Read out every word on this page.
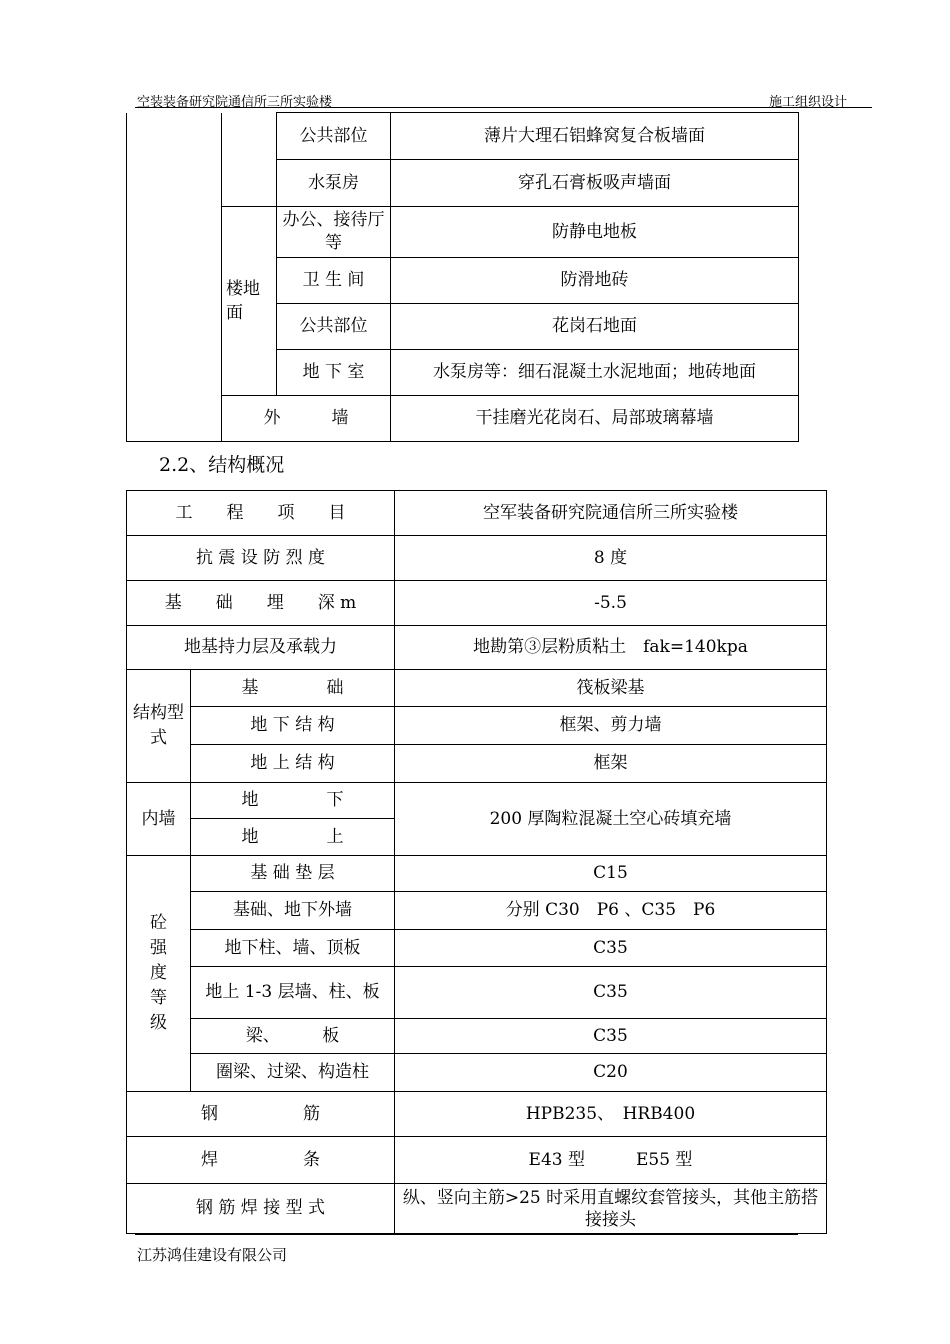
空装装备研究院通信所三所实验楼	施工组织设计
		公共部位	薄片大理石铝蜂窝复合板墙面
		水泵房	穿孔石膏板吸声墙面
	楼地面	办公、接待厅等	防静电地板
		卫 生 间	防滑地砖
		公共部位	花岗石地面
		地 下 室	水泵房等：细石混凝土水泥地面；地砖地面
	外　　　墙		干挂磨光花岗石、局部玻璃幕墙
2.2、结构概况
工　　程　　项　　目		空军装备研究院通信所三所实验楼
抗 震 设 防 烈 度		8 度
基　　础　　埋　　深 m		-5.5
地基持力层及承载力		地勘第③层粉质粘土　fak=140kpa
结构型式	基　　　　础	筏板梁基
	地 下 结 构	框架、剪力墙
	地 上 结 构	框架
内墙	地　　　　下	200 厚陶粒混凝土空心砖填充墙
	地　　　　上	
砼强度等级	基 础 垫 层	C15
	基础、地下外墙	分别 C30　P6 、C35　P6
	地下柱、墙、顶板	C35
	地上 1-3 层墙、柱、板	C35
	梁、　　　板	C35
	圈梁、过梁、构造柱	C20
钢　　　　　筋		HPB235、　HRB400
焊　　　　　条		E43 型　　　E55 型
钢 筋 焊 接 型 式		纵、竖向主筋>25 时采用直螺纹套管接头，其他主筋搭接接头
江苏鸿佳建设有限公司
